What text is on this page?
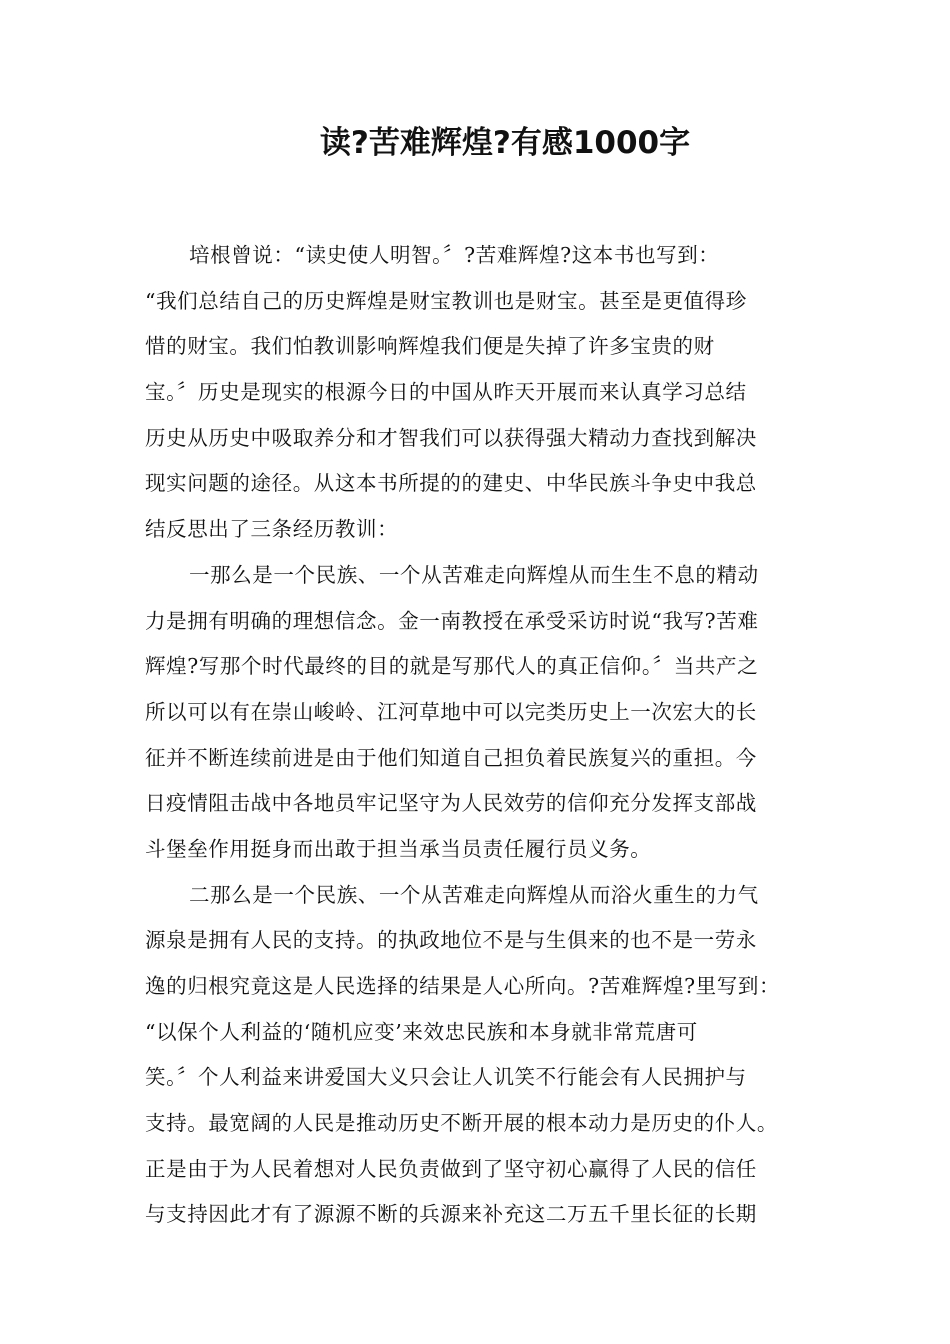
读?苦难辉煌?有感1000字
培根曾说：“读史使人明智。〞?苦难辉煌?这本书也写到：
“我们总结自己的历史辉煌是财宝教训也是财宝。甚至是更值得珍
惜的财宝。我们怕教训影响辉煌我们便是失掉了许多宝贵的财
宝。〞历史是现实的根源今日的中国从昨天开展而来认真学习总结
历史从历史中吸取养分和才智我们可以获得强大精动力查找到解决
现实问题的途径。从这本书所提的的建史、中华民族斗争史中我总
结反思出了三条经历教训：
一那么是一个民族、一个从苦难走向辉煌从而生生不息的精动
力是拥有明确的理想信念。金一南教授在承受采访时说“我写?苦难
辉煌?写那个时代最终的目的就是写那代人的真正信仰。〞当共产之
所以可以有在崇山峻岭、江河草地中可以完类历史上一次宏大的长
征并不断连续前进是由于他们知道自己担负着民族复兴的重担。今
日疫情阻击战中各地员牢记坚守为人民效劳的信仰充分发挥支部战
斗堡垒作用挺身而出敢于担当承当员责任履行员义务。
二那么是一个民族、一个从苦难走向辉煌从而浴火重生的力气
源泉是拥有人民的支持。的执政地位不是与生俱来的也不是一劳永
逸的归根究竟这是人民选择的结果是人心所向。?苦难辉煌?里写到：
“以保个人利益的‘随机应变’来效忠民族和本身就非常荒唐可
笑。〞个人利益来讲爱国大义只会让人讥笑不行能会有人民拥护与
支持。最宽阔的人民是推动历史不断开展的根本动力是历史的仆人。
正是由于为人民着想对人民负责做到了坚守初心赢得了人民的信任
与支持因此才有了源源不断的兵源来补充这二万五千里长征的长期
